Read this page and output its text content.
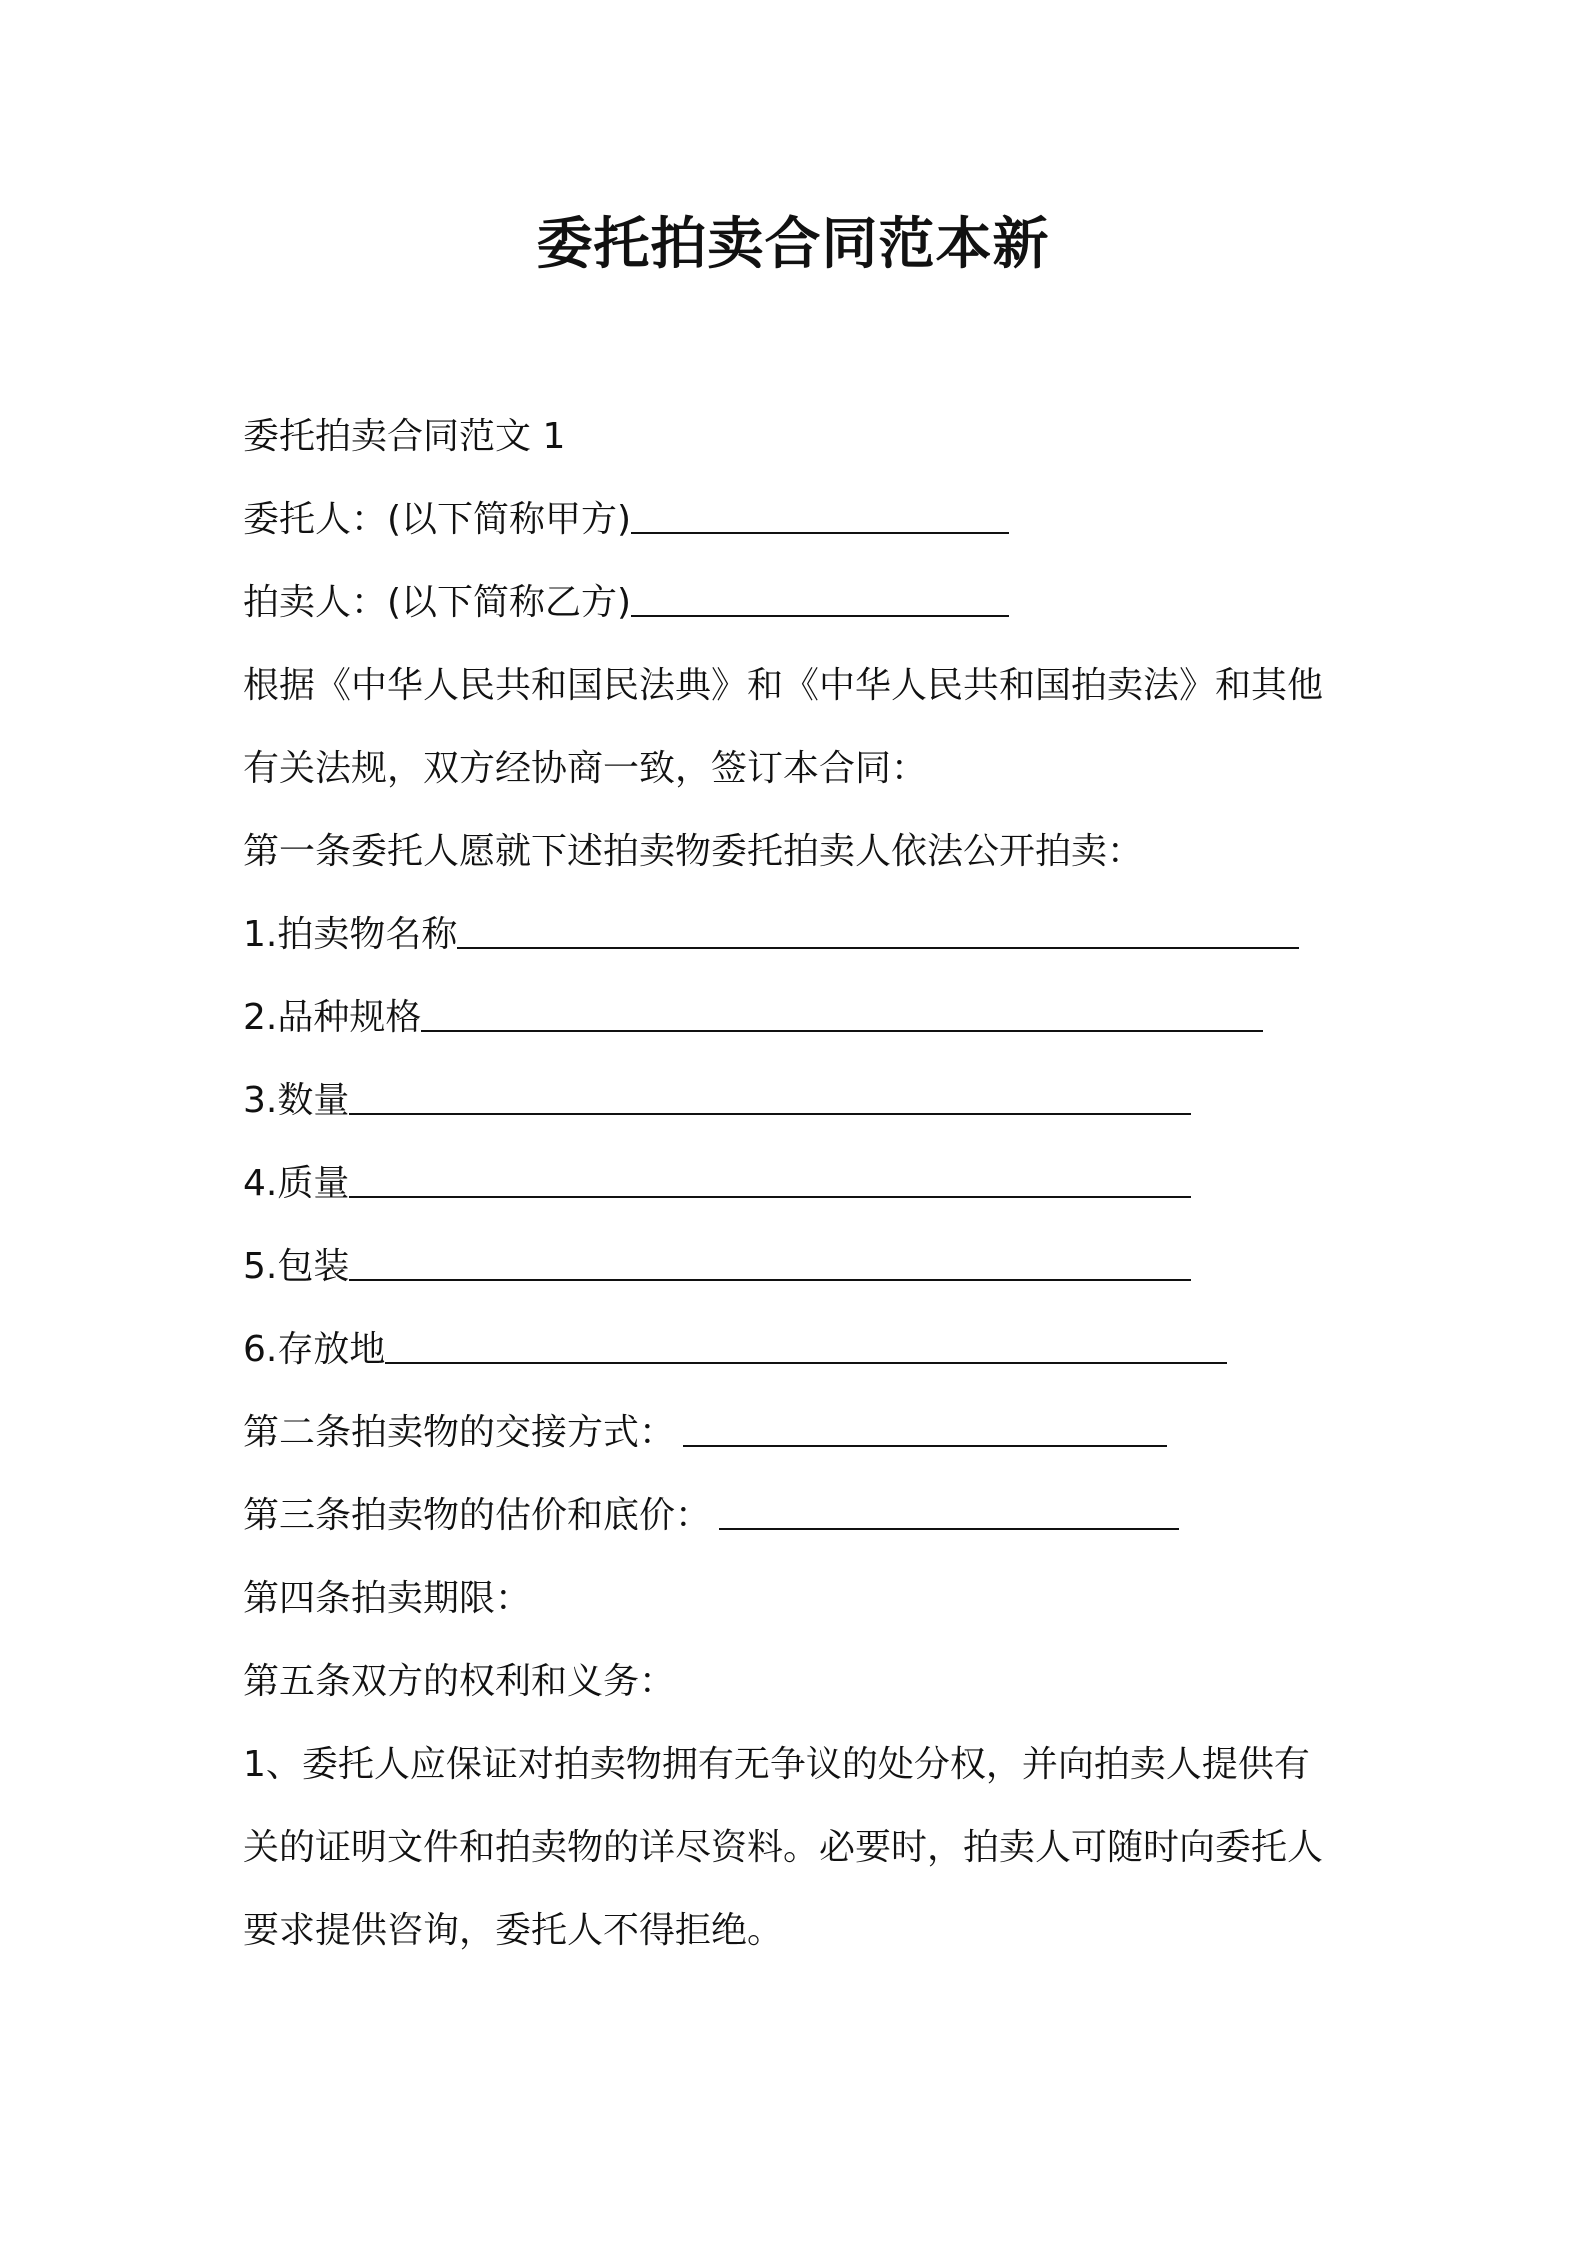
委托拍卖合同范本新
委托拍卖合同范文 1
委托人：(以下简称甲方)
拍卖人：(以下简称乙方)
根据《中华人民共和国民法典》和《中华人民共和国拍卖法》和其他
有关法规，双方经协商一致，签订本合同：
第一条委托人愿就下述拍卖物委托拍卖人依法公开拍卖：
1.拍卖物名称
2.品种规格
3.数量
4.质量
5.包装
6.存放地
第二条拍卖物的交接方式：
第三条拍卖物的估价和底价：
第四条拍卖期限：
第五条双方的权利和义务：
1、委托人应保证对拍卖物拥有无争议的处分权，并向拍卖人提供有
关的证明文件和拍卖物的详尽资料。必要时，拍卖人可随时向委托人
要求提供咨询，委托人不得拒绝。
